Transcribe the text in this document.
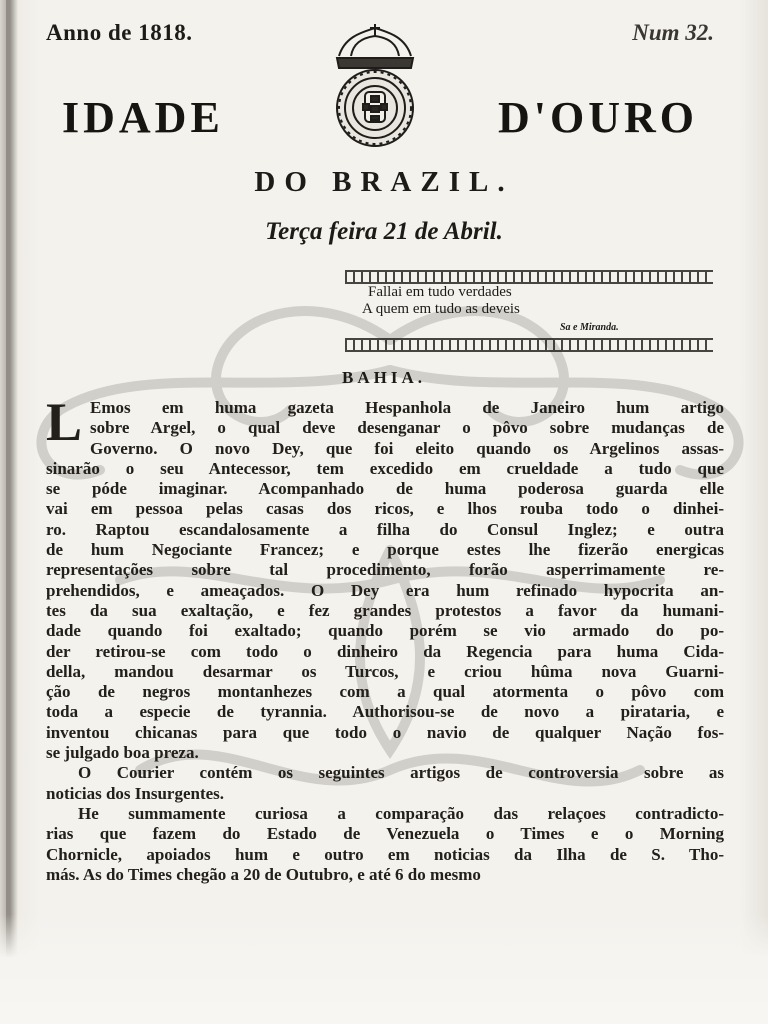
Anno de 1818.	Num 32.
IDADE	D'OURO
DO BRAZIL.
Terça feira 21 de Abril.
Fallai em tudo verdades
A quem em tudo as deveis
Sa e Miranda.
BAHIA.
L Emos em huma gazeta Hespanhola de Janeiro hum artigo
sobre Argel, o qual deve desenganar o pôvo sobre mudanças de
Governo. O novo Dey, que foi eleito quando os Argelinos assas-
sinarão o seu Antecessor, tem excedido em crueldade a tudo que
se póde imaginar. Acompanhado de huma poderosa guarda elle
vai em pessoa pelas casas dos ricos, e lhos rouba todo o dinhei-
ro. Raptou escandalosamente a filha do Consul Inglez; e outra
de hum Negociante Francez; e porque estes lhe fizerão energicas
representações sobre tal procedimento, forão asperrimamente re-
prehendidos, e ameaçados. O Dey era hum refinado hypocrita an-
tes da sua exaltação, e fez grandes protestos a favor da humani-
dade quando foi exaltado; quando porém se vio armado do po-
der retirou-se com todo o dinheiro da Regencia para huma Cida-
della, mandou desarmar os Turcos, e criou hûma nova Guarni-
ção de negros montanhezes com a qual atormenta o pôvo com
toda a especie de tyrannia. Authorisou-se de novo a pirataria, e
inventou chicanas para que todo o navio de qualquer Nação fos-
se julgado boa preza.
O Courier contém os seguintes artigos de controversia sobre as
noticias dos Insurgentes.
He summamente curiosa a comparação das relaçoes contradicto-
rias que fazem do Estado de Venezuela o Times e o Morning
Chornicle, apoiados hum e outro em noticias da Ilha de S. Tho-
más. As do Times chegão a 20 de Outubro, e até 6 do mesmo
